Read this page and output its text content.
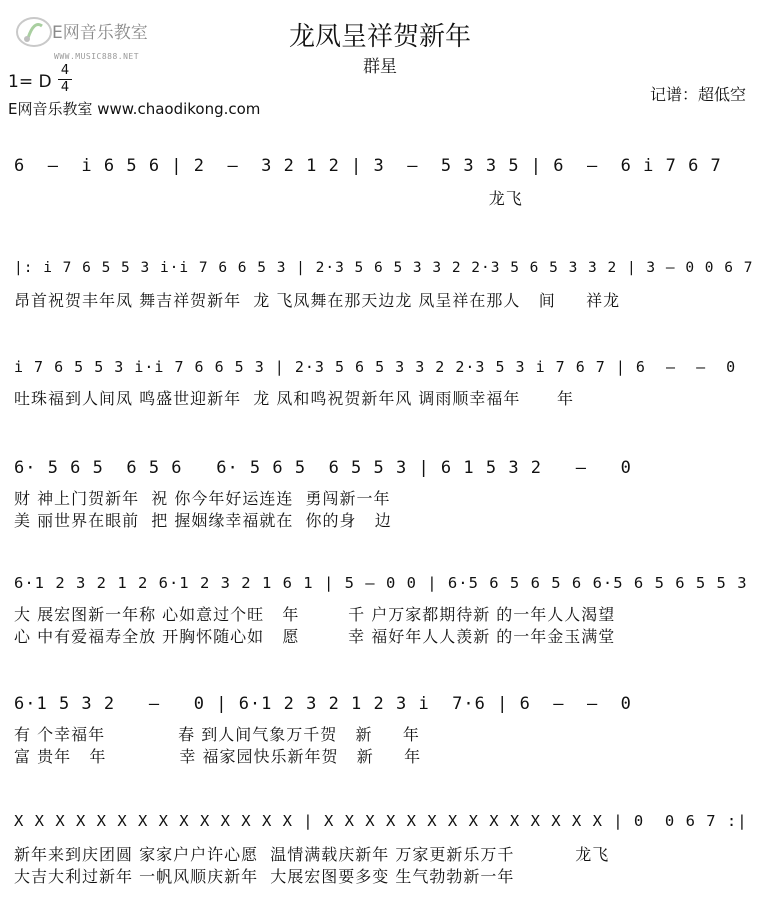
E网音乐教室
WWW.MUSIC888.NET
龙凤呈祥贺新年
群星
1= D
4
4
E网音乐教室 www.chaodikong.com
记谱：超低空
6  –  i 6 5 6 | 2  –  3 2 1 2 | 3  –  5 3 3 5 | 6  –  6 i 7 6 7
龙飞
|: i 7 6 5 5 3 i·i 7 6 6 5 3 | 2·3 5 6 5 3 3 2 2·3 5 6 5 3 3 2 | 3 – 0 0 6 7
昂首祝贺丰年凤 舞吉祥贺新年  龙 飞凤舞在那天边龙 凤呈祥在那人   间     祥龙
i 7 6 5 5 3 i·i 7 6 6 5 3 | 2·3 5 6 5 3 3 2 2·3 5 3 i 7 6 7 | 6  –  –  0
吐珠福到人间凤 鸣盛世迎新年  龙 凤和鸣祝贺新年风 调雨顺幸福年      年
6· 5 6 5  6 5 6   6· 5 6 5  6 5 5 3 | 6 1 5 3 2   –   0
财 神上门贺新年  祝 你今年好运连连  勇闯新一年
美 丽世界在眼前  把 握姻缘幸福就在  你的身   边
6·1 2 3 2 1 2 6·1 2 3 2 1 6 1 | 5 – 0 0 | 6·5 6 5 6 5 6 6·5 6 5 6 5 5 3
大 展宏图新一年称 心如意过个旺   年        千 户万家都期待新 的一年人人渴望
心 中有爱福寿全放 开胸怀随心如   愿        幸 福好年人人羡新 的一年金玉满堂
6·1 5 3 2   –   0 | 6·1 2 3 2 1 2 3 i  7·6 | 6  –  –  0
有 个幸福年            春 到人间气象万千贺   新     年
富 贵年   年            幸 福家园快乐新年贺   新     年
X X X X X X X X X X X X X X | X X X X X X X X X X X X X X | 0  0 6 7 :|
新年来到庆团圆 家家户户许心愿  温情满载庆新年 万家更新乐万千          龙飞
大吉大利过新年 一帆风顺庆新年  大展宏图要多变 生气勃勃新一年
